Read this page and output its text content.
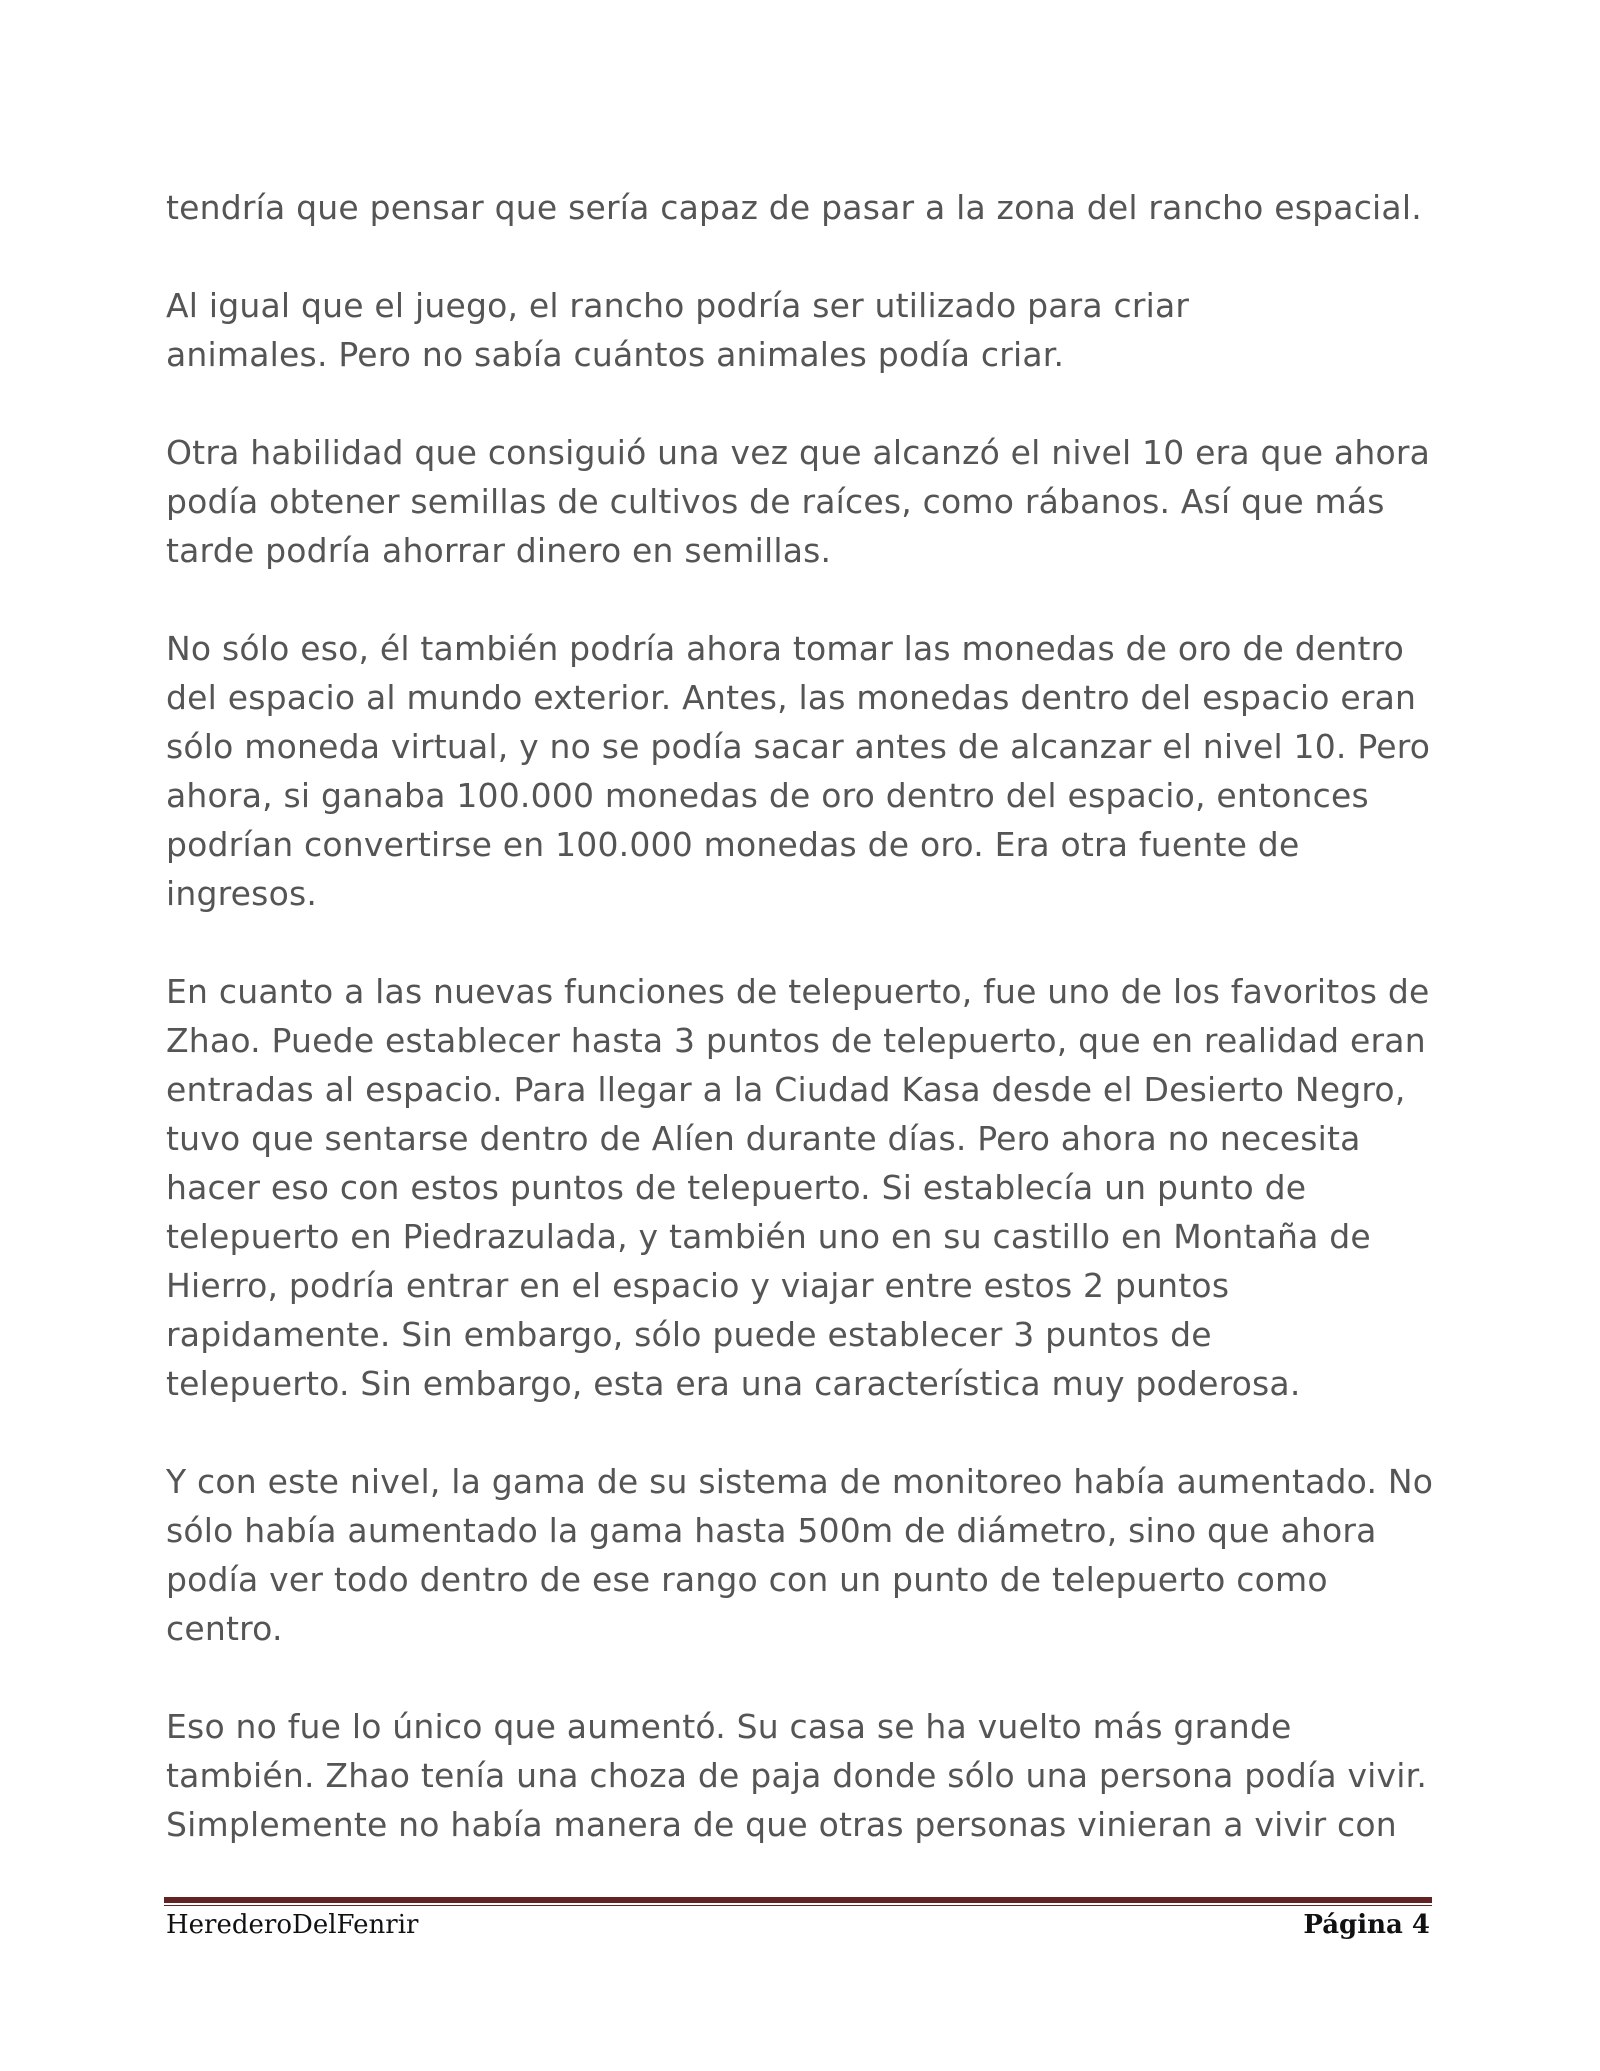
tendría que pensar que sería capaz de pasar a la zona del rancho espacial.

Al igual que el juego, el rancho podría ser utilizado para criar
animales. Pero no sabía cuántos animales podía criar.

Otra habilidad que consiguió una vez que alcanzó el nivel 10 era que ahora
podía obtener semillas de cultivos de raíces, como rábanos. Así que más
tarde podría ahorrar dinero en semillas.

No sólo eso, él también podría ahora tomar las monedas de oro de dentro
del espacio al mundo exterior. Antes, las monedas dentro del espacio eran
sólo moneda virtual, y no se podía sacar antes de alcanzar el nivel 10. Pero
ahora, si ganaba 100.000 monedas de oro dentro del espacio, entonces
podrían convertirse en 100.000 monedas de oro. Era otra fuente de
ingresos.

En cuanto a las nuevas funciones de telepuerto, fue uno de los favoritos de
Zhao. Puede establecer hasta 3 puntos de telepuerto, que en realidad eran
entradas al espacio. Para llegar a la Ciudad Kasa desde el Desierto Negro,
tuvo que sentarse dentro de Alíen durante días. Pero ahora no necesita
hacer eso con estos puntos de telepuerto. Si establecía un punto de
telepuerto en Piedrazulada, y también uno en su castillo en Montaña de
Hierro, podría entrar en el espacio y viajar entre estos 2 puntos
rapidamente. Sin embargo, sólo puede establecer 3 puntos de
telepuerto. Sin embargo, esta era una característica muy poderosa.

Y con este nivel, la gama de su sistema de monitoreo había aumentado. No
sólo había aumentado la gama hasta 500m de diámetro, sino que ahora
podía ver todo dentro de ese rango con un punto de telepuerto como
centro.

Eso no fue lo único que aumentó. Su casa se ha vuelto más grande
también. Zhao tenía una choza de paja donde sólo una persona podía vivir.
Simplemente no había manera de que otras personas vinieran a vivir con

HerederoDelFenrir	Página 4
